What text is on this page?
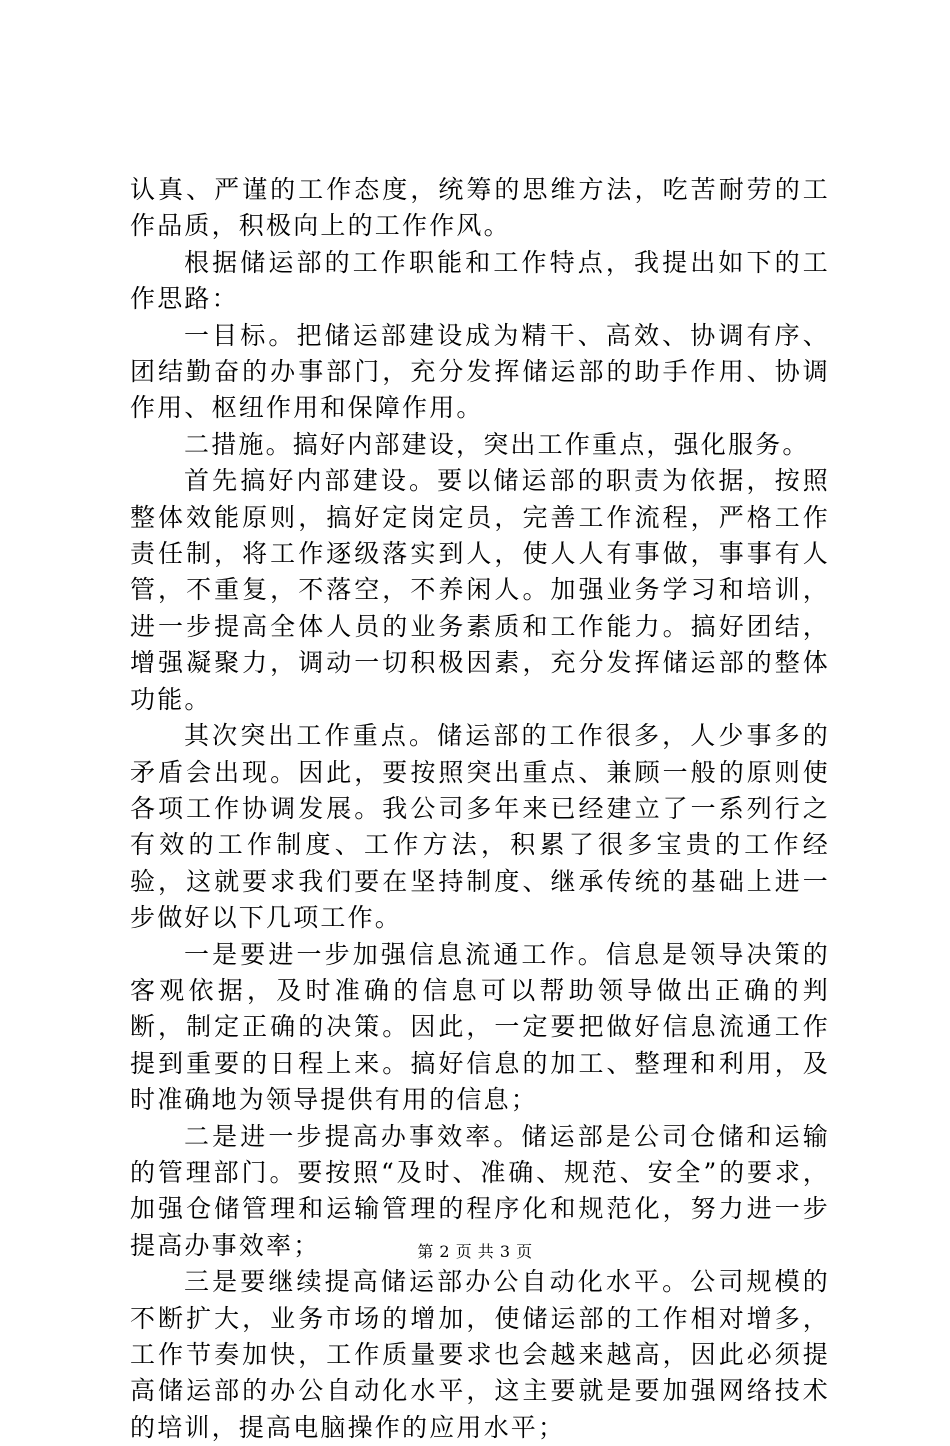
认真、严谨的工作态度，统筹的思维方法，吃苦耐劳的工作品质，积极向上的工作作风。

根据储运部的工作职能和工作特点，我提出如下的工作思路：

一目标。把储运部建设成为精干、高效、协调有序、团结勤奋的办事部门，充分发挥储运部的助手作用、协调作用、枢纽作用和保障作用。

二措施。搞好内部建设，突出工作重点，强化服务。

首先搞好内部建设。要以储运部的职责为依据，按照整体效能原则，搞好定岗定员，完善工作流程，严格工作责任制，将工作逐级落实到人，使人人有事做，事事有人管，不重复，不落空，不养闲人。加强业务学习和培训，进一步提高全体人员的业务素质和工作能力。搞好团结，增强凝聚力，调动一切积极因素，充分发挥储运部的整体功能。

其次突出工作重点。储运部的工作很多，人少事多的矛盾会出现。因此，要按照突出重点、兼顾一般的原则使各项工作协调发展。我公司多年来已经建立了一系列行之有效的工作制度、工作方法，积累了很多宝贵的工作经验，这就要求我们要在坚持制度、继承传统的基础上进一步做好以下几项工作。

一是要进一步加强信息流通工作。信息是领导决策的客观依据，及时准确的信息可以帮助领导做出正确的判断，制定正确的决策。因此，一定要把做好信息流通工作提到重要的日程上来。搞好信息的加工、整理和利用，及时准确地为领导提供有用的信息；

二是进一步提高办事效率。储运部是公司仓储和运输的管理部门。要按照“及时、准确、规范、安全”的要求，加强仓储管理和运输管理的程序化和规范化，努力进一步提高办事效率；

三是要继续提高储运部办公自动化水平。公司规模的不断扩大，业务市场的增加，使储运部的工作相对增多，工作节奏加快，工作质量要求也会越来越高，因此必须提高储运部的办公自动化水平，这主要就是要加强网络技术的培训，提高电脑操作的应用水平；

第 2 页 共 3 页
